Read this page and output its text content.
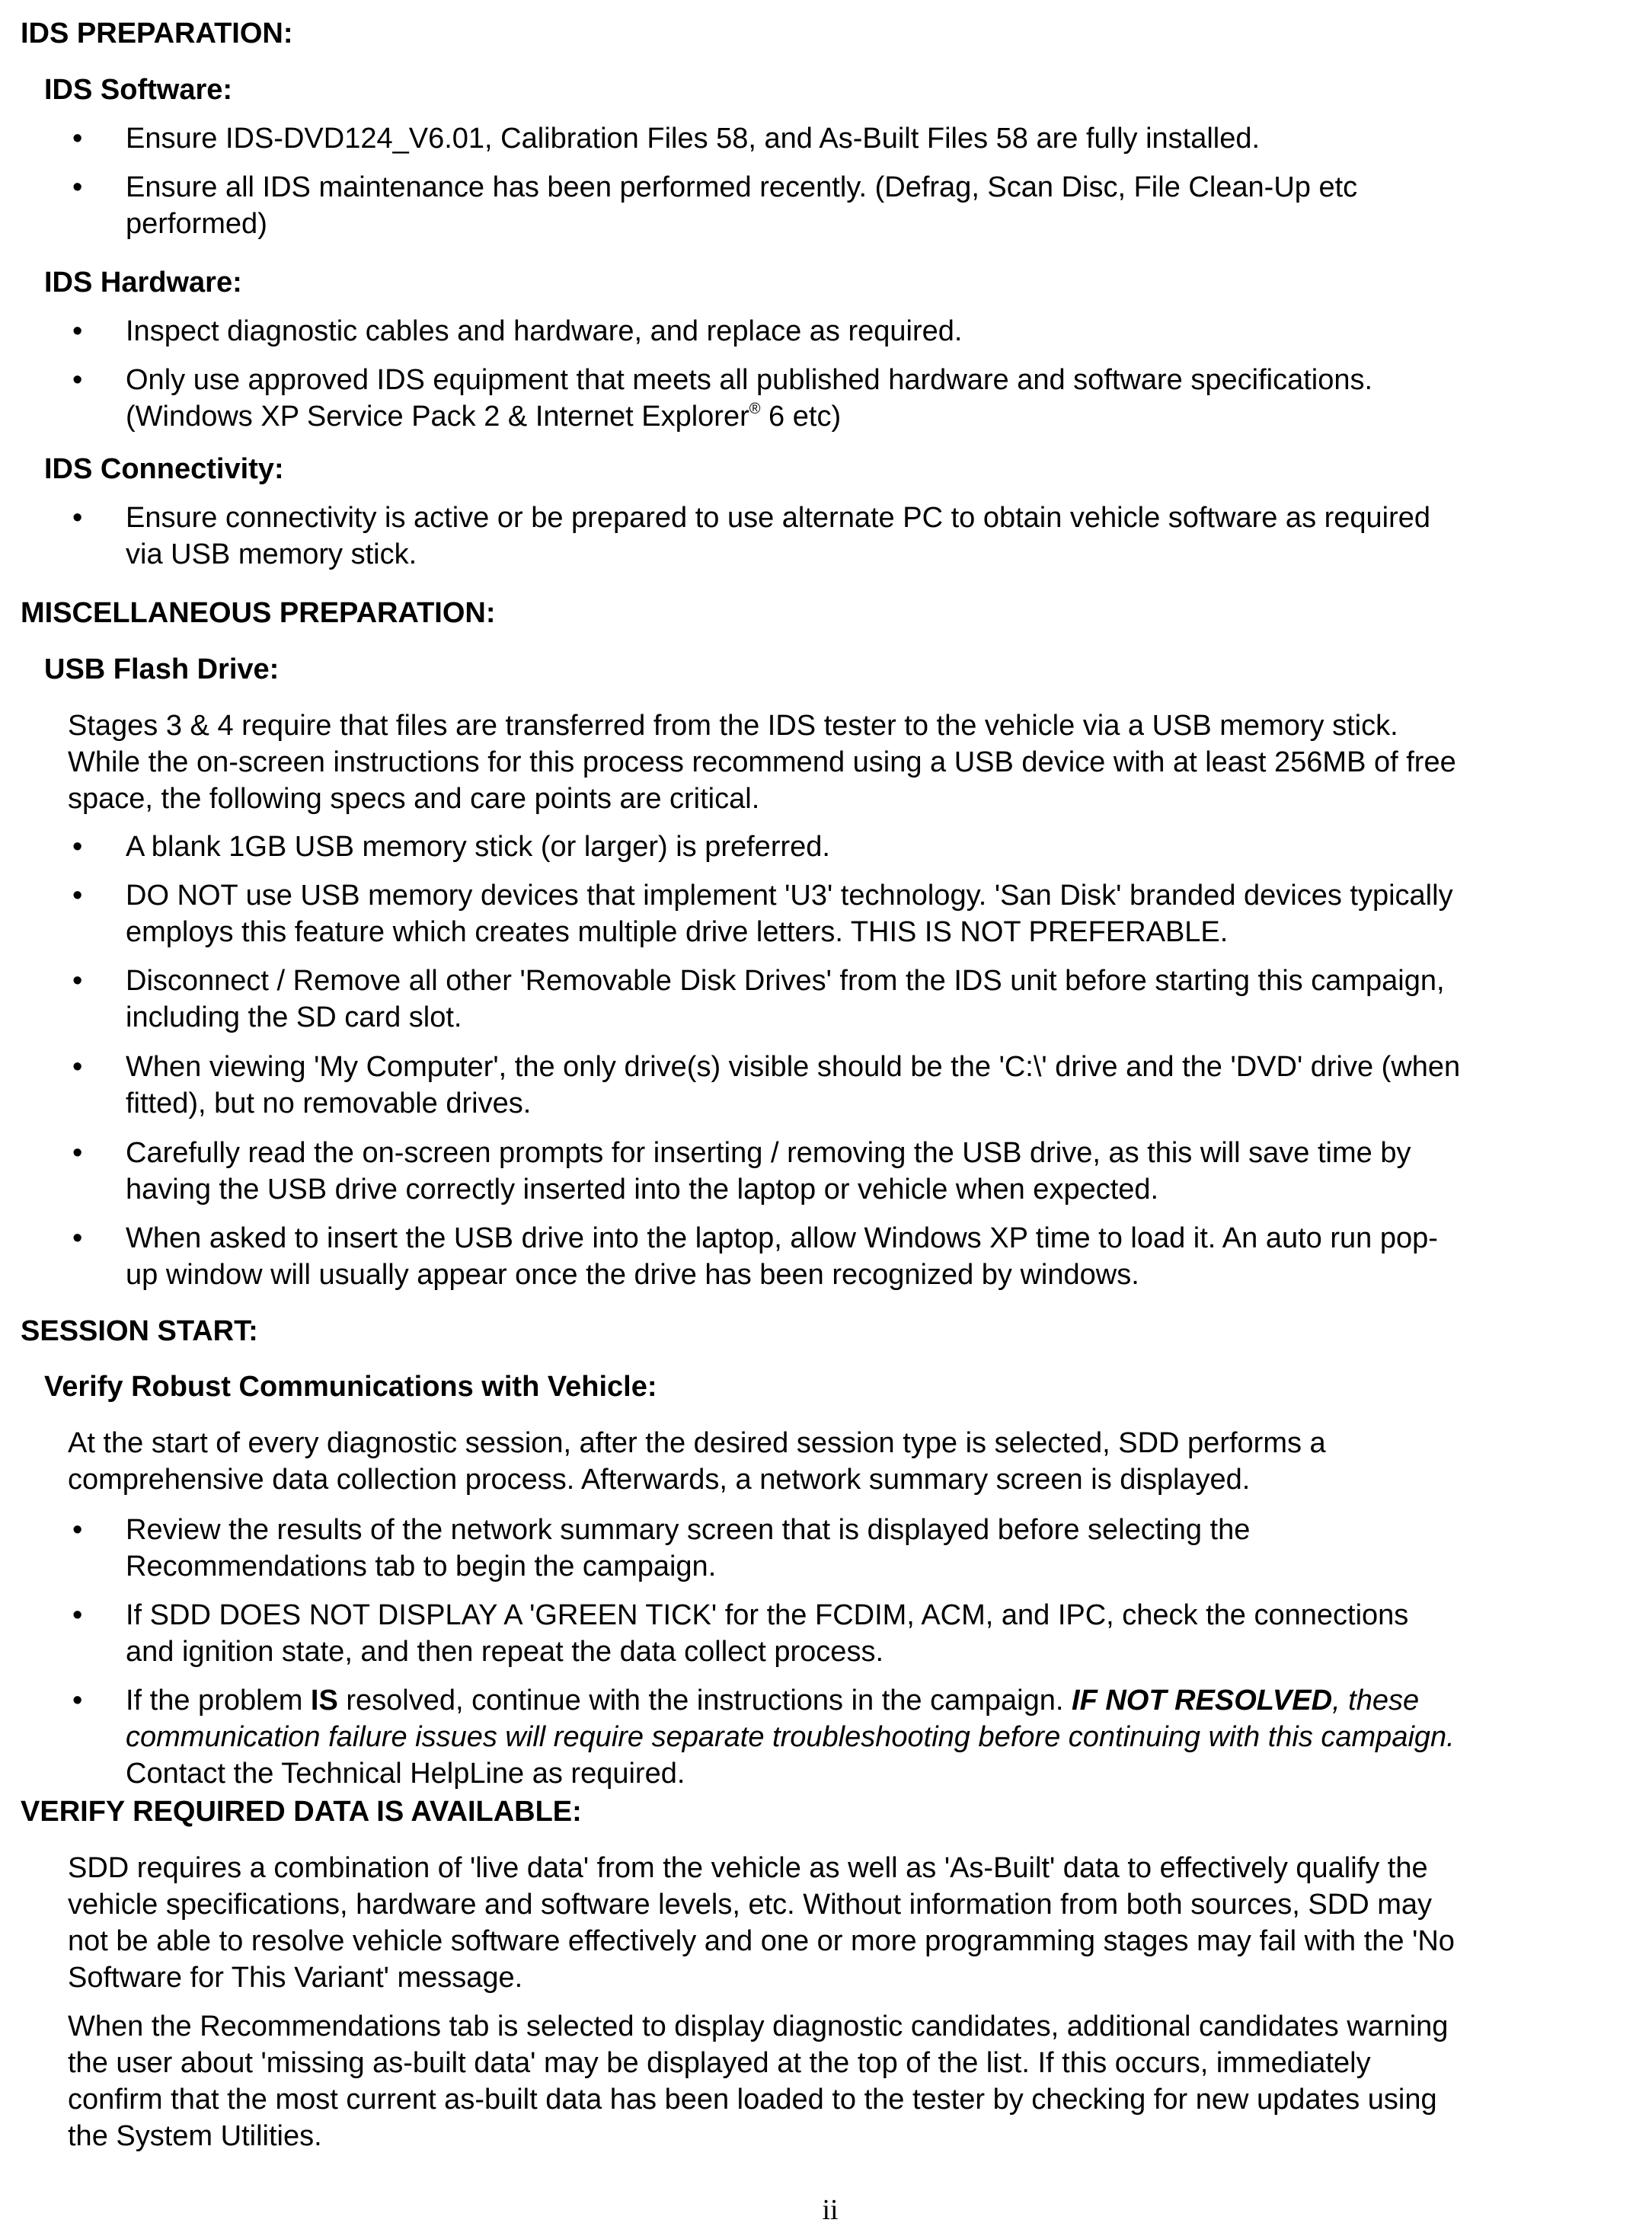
IDS PREPARATION:
IDS Software:
•	Ensure IDS-DVD124_V6.01, Calibration Files 58, and As-Built Files 58 are fully installed.
•	Ensure all IDS maintenance has been performed recently. (Defrag, Scan Disc, File Clean-Up etc
performed)
IDS Hardware:
•	Inspect diagnostic cables and hardware, and replace as required.
•	Only use approved IDS equipment that meets all published hardware and software specifications.
(Windows XP Service Pack 2 & Internet Explorer® 6 etc)
IDS Connectivity:
•	Ensure connectivity is active or be prepared to use alternate PC to obtain vehicle software as required
via USB memory stick.
MISCELLANEOUS PREPARATION:
USB Flash Drive:
Stages 3 & 4 require that files are transferred from the IDS tester to the vehicle via a USB memory stick.
While the on-screen instructions for this process recommend using a USB device with at least 256MB of free
space, the following specs and care points are critical.
•	A blank 1GB USB memory stick (or larger) is preferred.
•	DO NOT use USB memory devices that implement 'U3' technology. 'San Disk' branded devices typically
employs this feature which creates multiple drive letters. THIS IS NOT PREFERABLE.
•	Disconnect / Remove all other 'Removable Disk Drives' from the IDS unit before starting this campaign,
including the SD card slot.
•	When viewing 'My Computer', the only drive(s) visible should be the 'C:\' drive and the 'DVD' drive (when
fitted), but no removable drives.
•	Carefully read the on-screen prompts for inserting / removing the USB drive, as this will save time by
having the USB drive correctly inserted into the laptop or vehicle when expected.
•	When asked to insert the USB drive into the laptop, allow Windows XP time to load it. An auto run pop-
up window will usually appear once the drive has been recognized by windows.
SESSION START:
Verify Robust Communications with Vehicle:
At the start of every diagnostic session, after the desired session type is selected, SDD performs a
comprehensive data collection process. Afterwards, a network summary screen is displayed.
•	Review the results of the network summary screen that is displayed before selecting the
Recommendations tab to begin the campaign.
•	If SDD DOES NOT DISPLAY A 'GREEN TICK' for the FCDIM, ACM, and IPC, check the connections
and ignition state, and then repeat the data collect process.
•	If the problem IS resolved, continue with the instructions in the campaign. IF NOT RESOLVED, these
communication failure issues will require separate troubleshooting before continuing with this campaign.
Contact the Technical HelpLine as required.
VERIFY REQUIRED DATA IS AVAILABLE:
SDD requires a combination of 'live data' from the vehicle as well as 'As-Built' data to effectively qualify the
vehicle specifications, hardware and software levels, etc. Without information from both sources, SDD may
not be able to resolve vehicle software effectively and one or more programming stages may fail with the 'No
Software for This Variant' message.
When the Recommendations tab is selected to display diagnostic candidates, additional candidates warning
the user about 'missing as-built data' may be displayed at the top of the list. If this occurs, immediately
confirm that the most current as-built data has been loaded to the tester by checking for new updates using
the System Utilities.
ii
